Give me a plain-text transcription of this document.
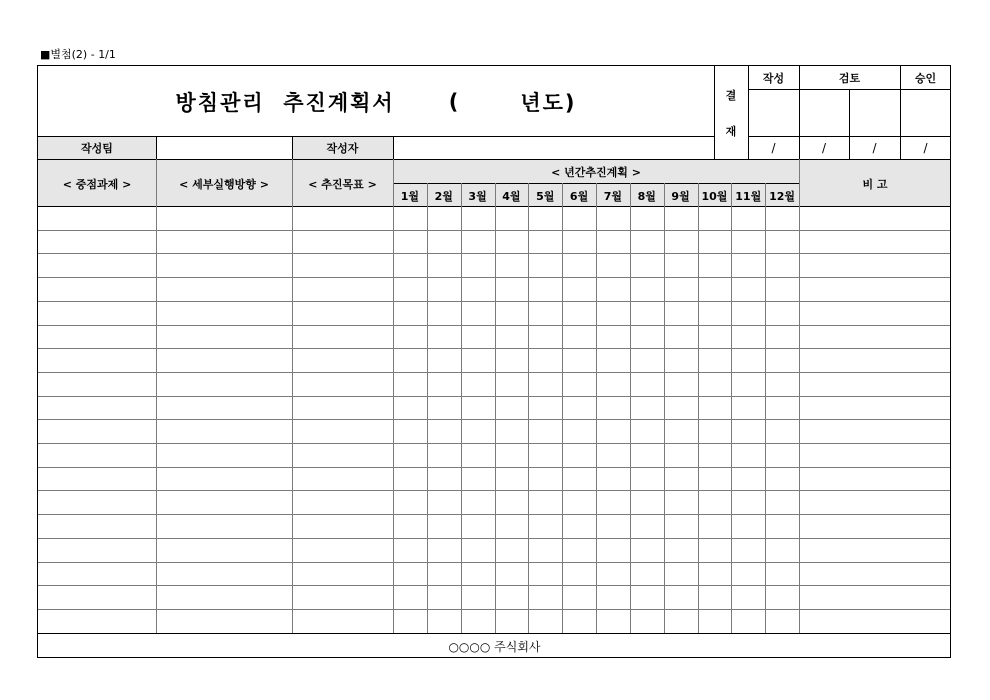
■별첨(2) - 1/1
방침관리  추진계획서	(	년도)	결
재
작성	검토	승인
/	/	/	/
작성팀	작성자
< 중점과제 >	< 세부실행방향 >	< 추진목표 >
< 년간추진계획 >
1월	2월	3월	4월	5월	6월	7월	8월	9월	10월 11월 12월
비 고
○○○○ 주식회사
